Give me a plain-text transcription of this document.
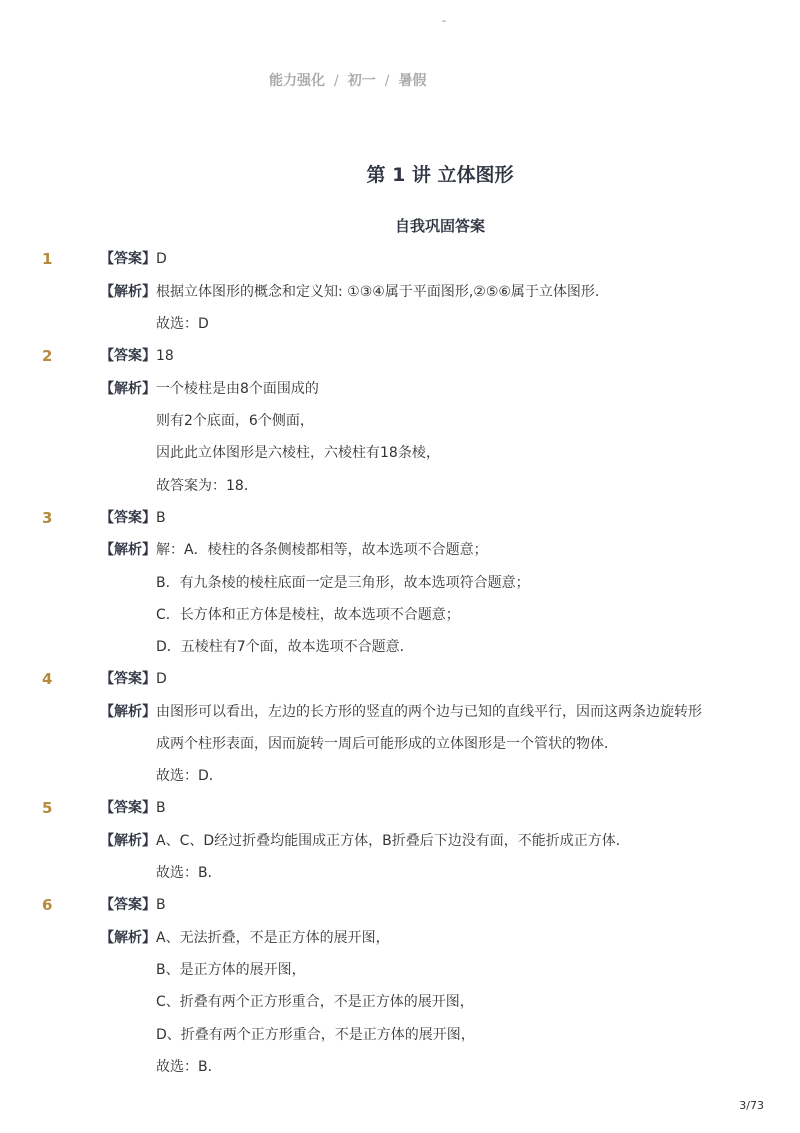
-
能力强化 / 初一 / 暑假
第 1 讲 立体图形
自我巩固答案
1	【答案】D
【解析】根据立体图形的概念和定义知: ①③④属于平面图形,②⑤⑥属于立体图形.
故选：D
2	【答案】18
【解析】一个棱柱是由8个面围成的
则有2个底面，6个侧面，
因此此立体图形是六棱柱，六棱柱有18条棱，
故答案为：18．
3	【答案】B
【解析】解：A．棱柱的各条侧棱都相等，故本选项不合题意；
B．有九条棱的棱柱底面一定是三角形，故本选项符合题意；
C．长方体和正方体是棱柱，故本选项不合题意；
D．五棱柱有7个面，故本选项不合题意．
4	【答案】D
【解析】由图形可以看出，左边的长方形的竖直的两个边与已知的直线平行，因而这两条边旋转形
成两个柱形表面，因而旋转一周后可能形成的立体图形是一个管状的物体．
故选：D．
5	【答案】B
【解析】A、C、D经过折叠均能围成正方体，B折叠后下边没有面，不能折成正方体．
故选：B．
6	【答案】B
【解析】A、无法折叠，不是正方体的展开图，
B、是正方体的展开图，
C、折叠有两个正方形重合，不是正方体的展开图，
D、折叠有两个正方形重合，不是正方体的展开图，
故选：B．
3/73
